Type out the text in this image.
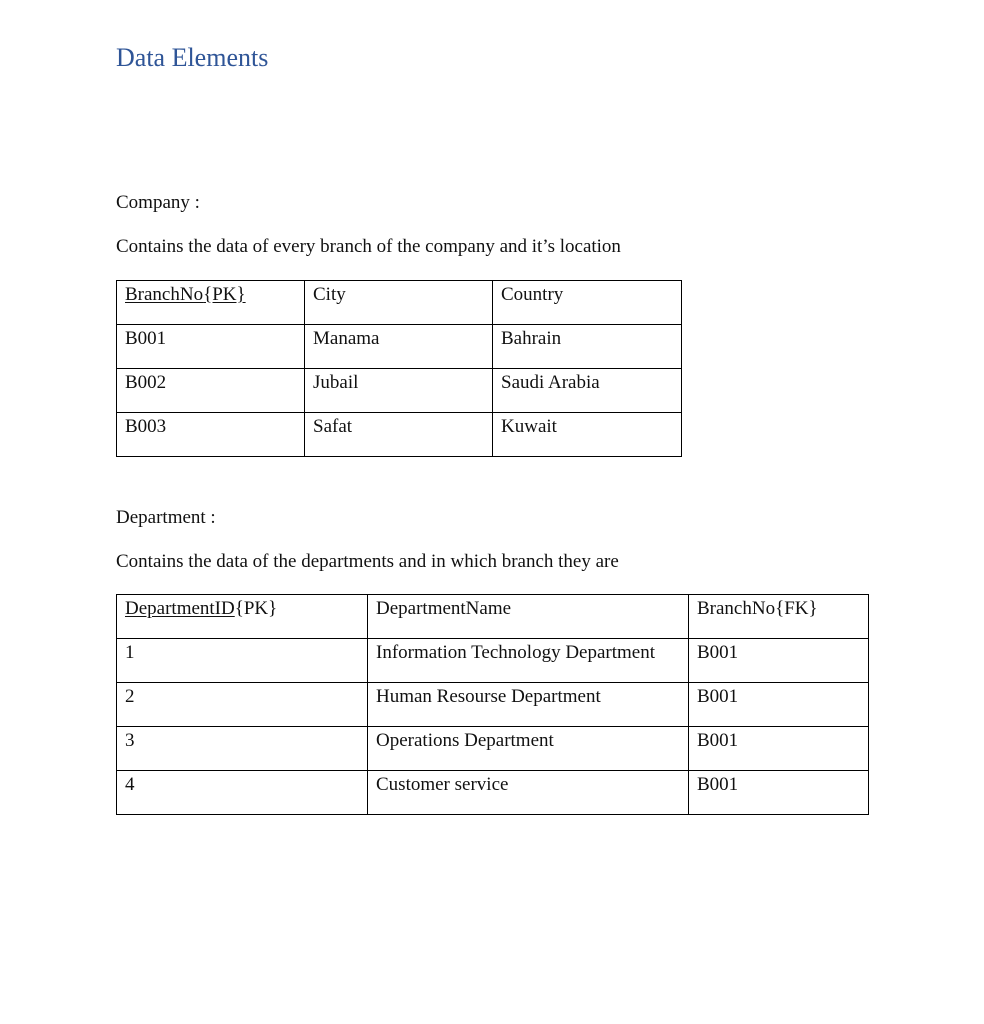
Data Elements

Company :

Contains the data of every branch of the company and it’s location

BranchNo{PK}	City	Country
B001	Manama	Bahrain
B002	Jubail	Saudi Arabia
B003	Safat	Kuwait

Department :

Contains the data of the departments and in which branch they are

DepartmentID{PK}	DepartmentName	BranchNo{FK}
1	Information Technology Department	B001
2	Human Resourse Department	B001
3	Operations Department	B001
4	Customer service	B001
